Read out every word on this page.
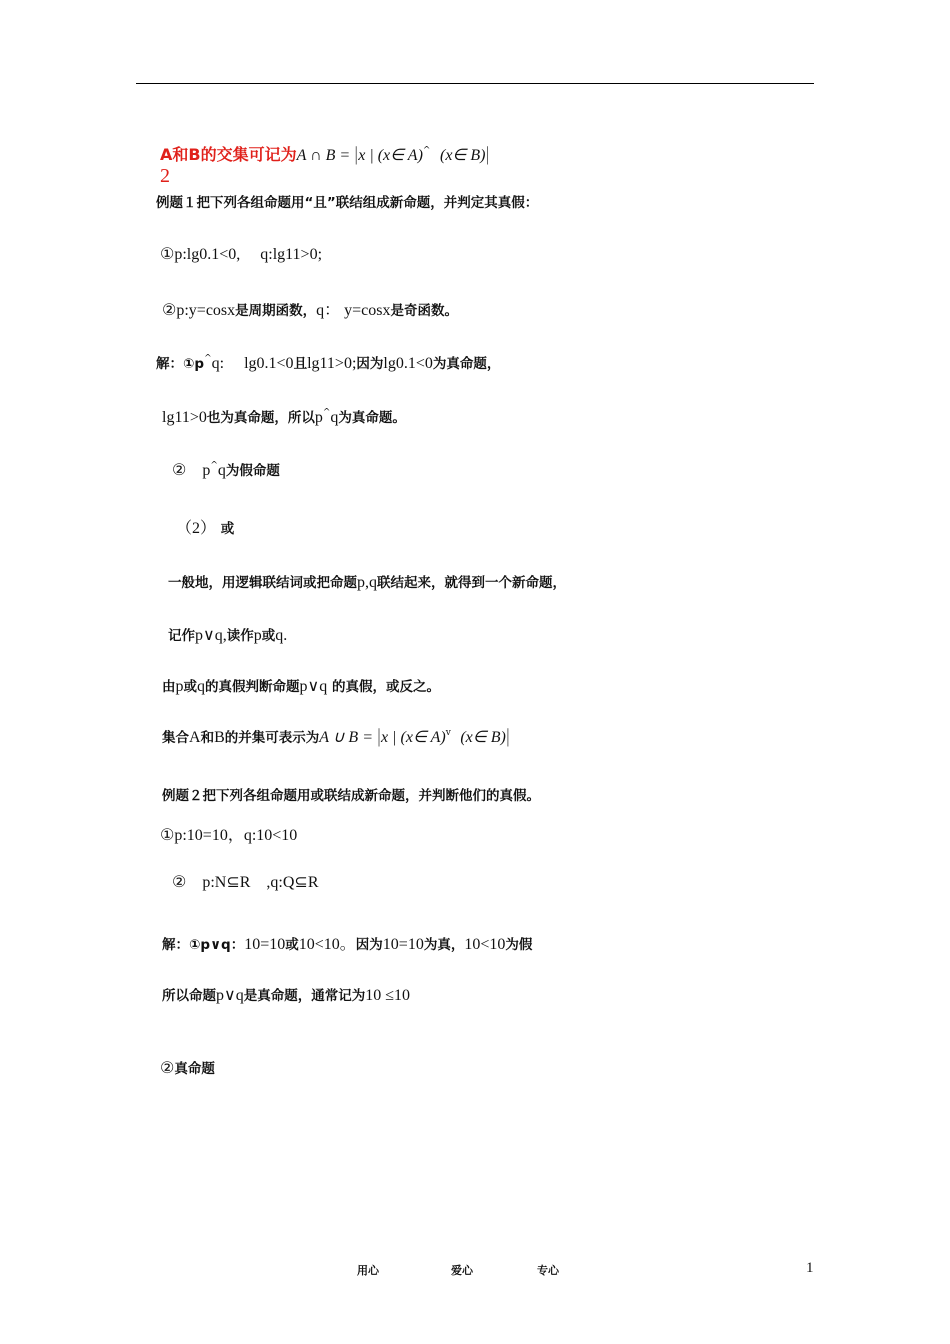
A和B的交集可记为A ∩ B = |x | (x∈ A)^ (x∈ B)|
2
例题１把下列各组命题用“且”联结组成新命题，并判定其真假：
①p:lg0.1<0,　 q:lg11>0;
②p:y=cosx是周期函数，q： y=cosx是奇函数。
解：①p^q:　 lg0.1<0且lg11>0;因为lg0.1<0为真命题，
lg11>0也为真命题，所以p^q为真命题。
②　p^q为假命题
（2） 或
一般地，用逻辑联结词或把命题p,q联结起来，就得到一个新命题，
记作p∨q,读作p或q.
由p或q的真假判断命题p∨q 的真假，或反之。
集合A和B的并集可表示为A ∪ B = |x | (x∈ A)$^v$ (x∈ B)|
例题２把下列各组命题用或联结成新命题，并判断他们的真假。
①p:10=10，q:10<10
②　p:N⊆R　,q:Q⊆R
解：①p∨q：10=10或10<10。因为10=10为真，10<10为假
所以命题p∨q是真命题，通常记为10 ≤10
②真命题
用心	爱心	专心	1
